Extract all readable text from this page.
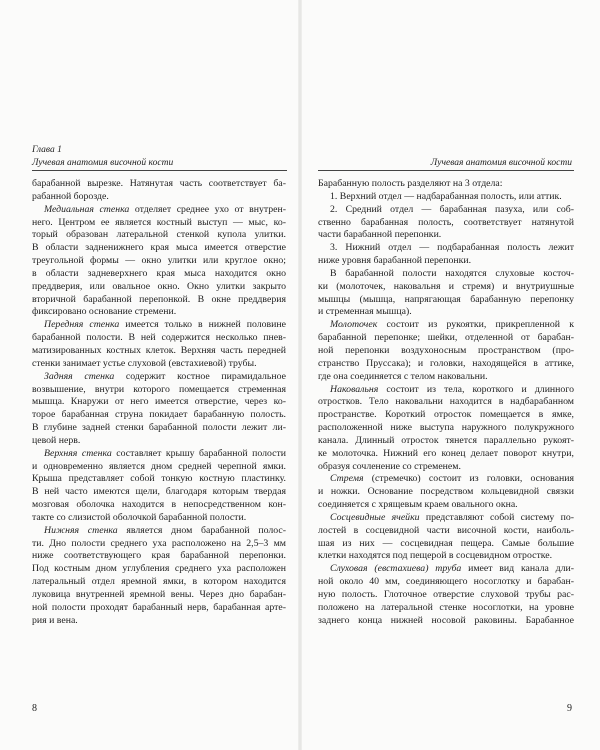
Глава 1
Лучевая анатомия височной кости
барабанной вырезке. Натянутая часть соответствует ба-
рабанной борозде.
Медиальная стенка отделяет среднее ухо от внутрен-
него. Центром ее является костный выступ — мыс, ко-
торый образован латеральной стенкой купола улитки.
В области задненижнего края мыса имеется отверстие
треугольной формы — окно улитки или круглое окно;
в области задневерхнего края мыса находится окно
преддверия, или овальное окно. Окно улитки закрыто
вторичной барабанной перепонкой. В окне преддверия
фиксировано основание стремени.
Передняя стенка имеется только в нижней половине
барабанной полости. В ней содержится несколько пнев-
матизированных костных клеток. Верхняя часть передней
стенки занимает устье слуховой (евстахиевой) трубы.
Задняя стенка содержит костное пирамидальное
возвышение, внутри которого помещается стременная
мышца. Кнаружи от него имеется отверстие, через ко-
торое барабанная струна покидает барабанную полость.
В глубине задней стенки барабанной полости лежит ли-
цевой нерв.
Верхняя стенка составляет крышу барабанной полости
и одновременно является дном средней черепной ямки.
Крыша представляет собой тонкую костную пластинку.
В ней часто имеются щели, благодаря которым твердая
мозговая оболочка находится в непосредственном кон-
такте со слизистой оболочкой барабанной полости.
Нижняя стенка является дном барабанной полос-
ти. Дно полости среднего уха расположено на 2,5–3 мм
ниже соответствующего края барабанной перепонки.
Под костным дном углубления среднего уха расположен
латеральный отдел яремной ямки, в котором находится
луковица внутренней яремной вены. Через дно барабан-
ной полости проходят барабанный нерв, барабанная арте-
рия и вена.
8
Лучевая анатомия височной кости
Барабанную полость разделяют на 3 отдела:
1. Верхний отдел — надбарабанная полость, или аттик.
2. Средний отдел — барабанная пазуха, или соб-
ственно барабанная полость, соответствует натянутой
части барабанной перепонки.
3. Нижний отдел — подбарабанная полость лежит
ниже уровня барабанной перепонки.
В барабанной полости находятся слуховые косточ-
ки (молоточек, наковальня и стремя) и внутриушные
мышцы (мышца, напрягающая барабанную перепонку
и стременная мышца).
Молоточек состоит из рукоятки, прикрепленной к
барабанной перепонке; шейки, отделенной от барабан-
ной перепонки воздухоносным пространством (про-
странство Пруссака); и головки, находящейся в аттике,
где она соединяется с телом наковальни.
Наковальня состоит из тела, короткого и длинного
отростков. Тело наковальни находится в надбарабанном
пространстве. Короткий отросток помещается в ямке,
расположенной ниже выступа наружного полукружного
канала. Длинный отросток тянется параллельно рукоят-
ке молоточка. Нижний его конец делает поворот кнутри,
образуя сочленение со стременем.
Стремя (стремечко) состоит из головки, основания
и ножки. Основание посредством кольцевидной связки
соединяется с хрящевым краем овального окна.
Сосцевидные ячейки представляют собой систему по-
лостей в сосцевидной части височной кости, наиболь-
шая из них — сосцевидная пещера. Самые большие
клетки находятся под пещерой в сосцевидном отростке.
Слуховая (евстахиева) труба имеет вид канала дли-
ной около 40 мм, соединяющего носоглотку и барабан-
ную полость. Глоточное отверстие слуховой трубы рас-
положено на латеральной стенке носоглотки, на уровне
заднего конца нижней носовой раковины. Барабанное
9
